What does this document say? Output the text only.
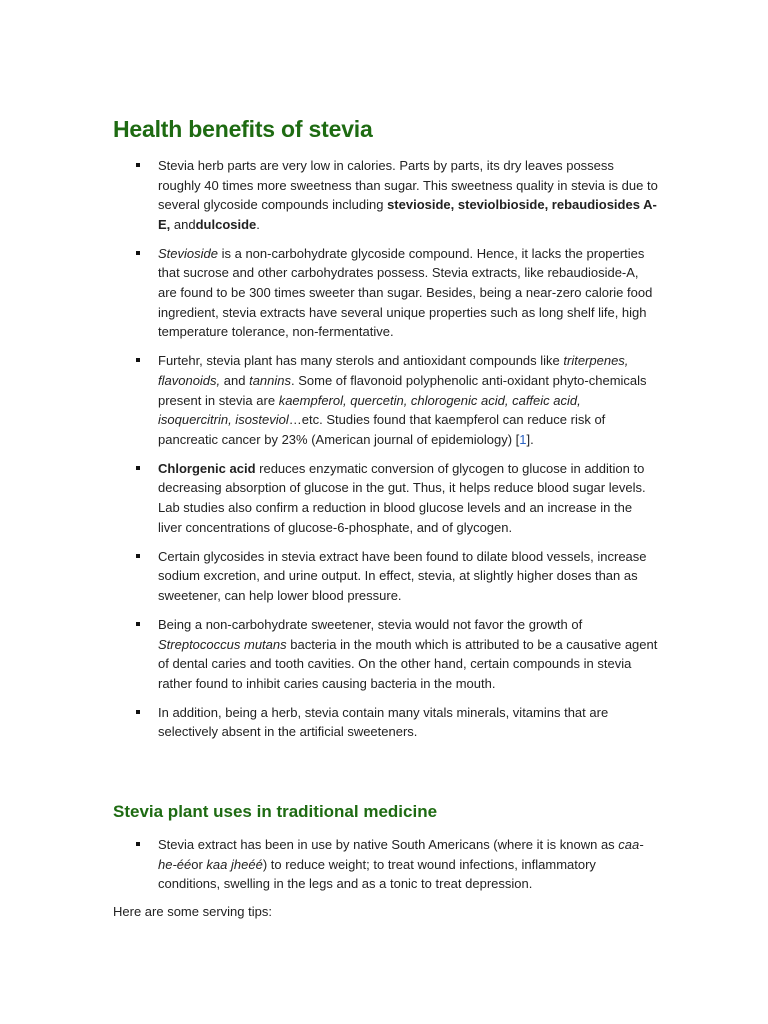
Health benefits of stevia
Stevia herb parts are very low in calories. Parts by parts, its dry leaves possess roughly 40 times more sweetness than sugar. This sweetness quality in stevia is due to several glycoside compounds including stevioside, steviolbioside, rebaudiosides A-E, anddulcoside.
Stevioside is a non-carbohydrate glycoside compound. Hence, it lacks the properties that sucrose and other carbohydrates possess. Stevia extracts, like rebaudioside-A, are found to be 300 times sweeter than sugar. Besides, being a near-zero calorie food ingredient, stevia extracts have several unique properties such as long shelf life, high temperature tolerance, non-fermentative.
Furtehr, stevia plant has many sterols and antioxidant compounds like triterpenes, flavonoids, and tannins. Some of flavonoid polyphenolic anti-oxidant phyto-chemicals present in stevia are kaempferol, quercetin, chlorogenic acid, caffeic acid, isoquercitrin, isosteviol…etc. Studies found that kaempferol can reduce risk of pancreatic cancer by 23% (American journal of epidemiology) [1].
Chlorgenic acid reduces enzymatic conversion of glycogen to glucose in addition to decreasing absorption of glucose in the gut. Thus, it helps reduce blood sugar levels. Lab studies also confirm a reduction in blood glucose levels and an increase in the liver concentrations of glucose-6-phosphate, and of glycogen.
Certain glycosides in stevia extract have been found to dilate blood vessels, increase sodium excretion, and urine output. In effect, stevia, at slightly higher doses than as sweetener, can help lower blood pressure.
Being a non-carbohydrate sweetener, stevia would not favor the growth of Streptococcus mutans bacteria in the mouth which is attributed to be a causative agent of dental caries and tooth cavities. On the other hand, certain compounds in stevia rather found to inhibit caries causing bacteria in the mouth.
In addition, being a herb, stevia contain many vitals minerals, vitamins that are selectively absent in the artificial sweeteners.
Stevia plant uses in traditional medicine
Stevia extract has been in use by native South Americans (where it is known as caa-he-ééor kaa jheéé) to reduce weight; to treat wound infections, inflammatory conditions, swelling in the legs and as a tonic to treat depression.

Here are some serving tips:
